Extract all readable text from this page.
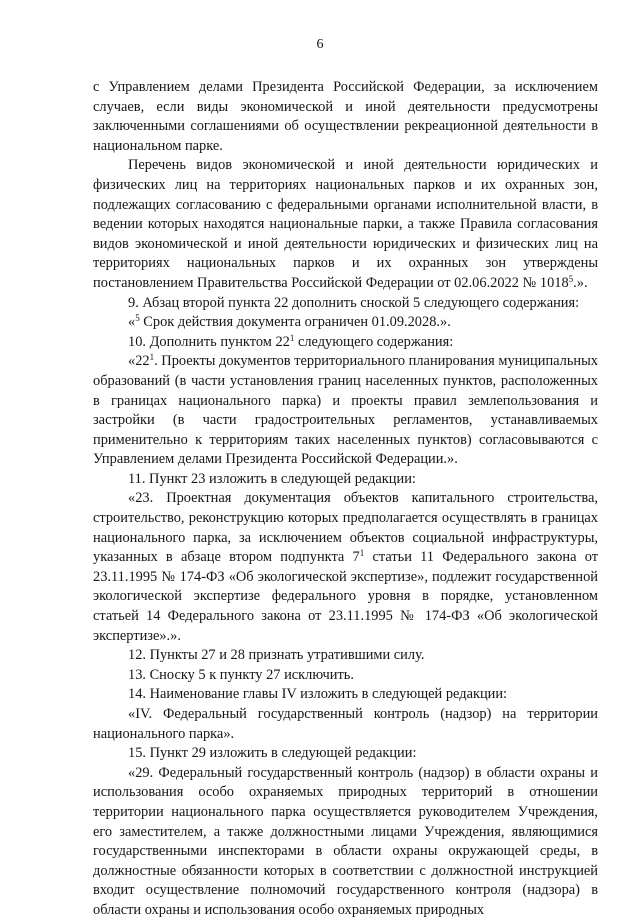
6

с Управлением делами Президента Российской Федерации, за исключением случаев, если виды экономической и иной деятельности предусмотрены заключенными соглашениями об осуществлении рекреационной деятельности в национальном парке.

Перечень видов экономической и иной деятельности юридических и физических лиц на территориях национальных парков и их охранных зон, подлежащих согласованию с федеральными органами исполнительной власти, в ведении которых находятся национальные парки, а также Правила согласования видов экономической и иной деятельности юридических и физических лиц на территориях национальных парков и их охранных зон утверждены постановлением Правительства Российской Федерации от 02.06.2022 № 1018$^5$.».

9. Абзац второй пункта 22 дополнить сноской 5 следующего содержания:

«$^5$ Срок действия документа ограничен 01.09.2028.».

10. Дополнить пунктом $22^1$ следующего содержания:

«$22^1$. Проекты документов территориального планирования муниципальных образований (в части установления границ населенных пунктов, расположенных в границах национального парка) и проекты правил землепользования и застройки (в части градостроительных регламентов, устанавливаемых применительно к территориям таких населенных пунктов) согласовываются с Управлением делами Президента Российской Федерации.».

11. Пункт 23 изложить в следующей редакции:

«23. Проектная документация объектов капитального строительства, строительство, реконструкцию которых предполагается осуществлять в границах национального парка, за исключением объектов социальной инфраструктуры, указанных в абзаце втором подпункта $7^1$ статьи 11 Федерального закона от 23.11.1995 № 174-ФЗ «Об экологической экспертизе», подлежит государственной экологической экспертизе федерального уровня в порядке, установленном статьей 14 Федерального закона от 23.11.1995 № 174-ФЗ «Об экологической экспертизе».».

12. Пункты 27 и 28 признать утратившими силу.

13. Сноску 5 к пункту 27 исключить.

14. Наименование главы IV изложить в следующей редакции:

«IV. Федеральный государственный контроль (надзор) на территории национального парка».

15. Пункт 29 изложить в следующей редакции:

«29. Федеральный государственный контроль (надзор) в области охраны и использования особо охраняемых природных территорий в отношении территории национального парка осуществляется руководителем Учреждения, его заместителем, а также должностными лицами Учреждения, являющимися государственными инспекторами в области охраны окружающей среды, в должностные обязанности которых в соответствии с должностной инструкцией входит осуществление полномочий государственного контроля (надзора) в области охраны и использования особо охраняемых природных
